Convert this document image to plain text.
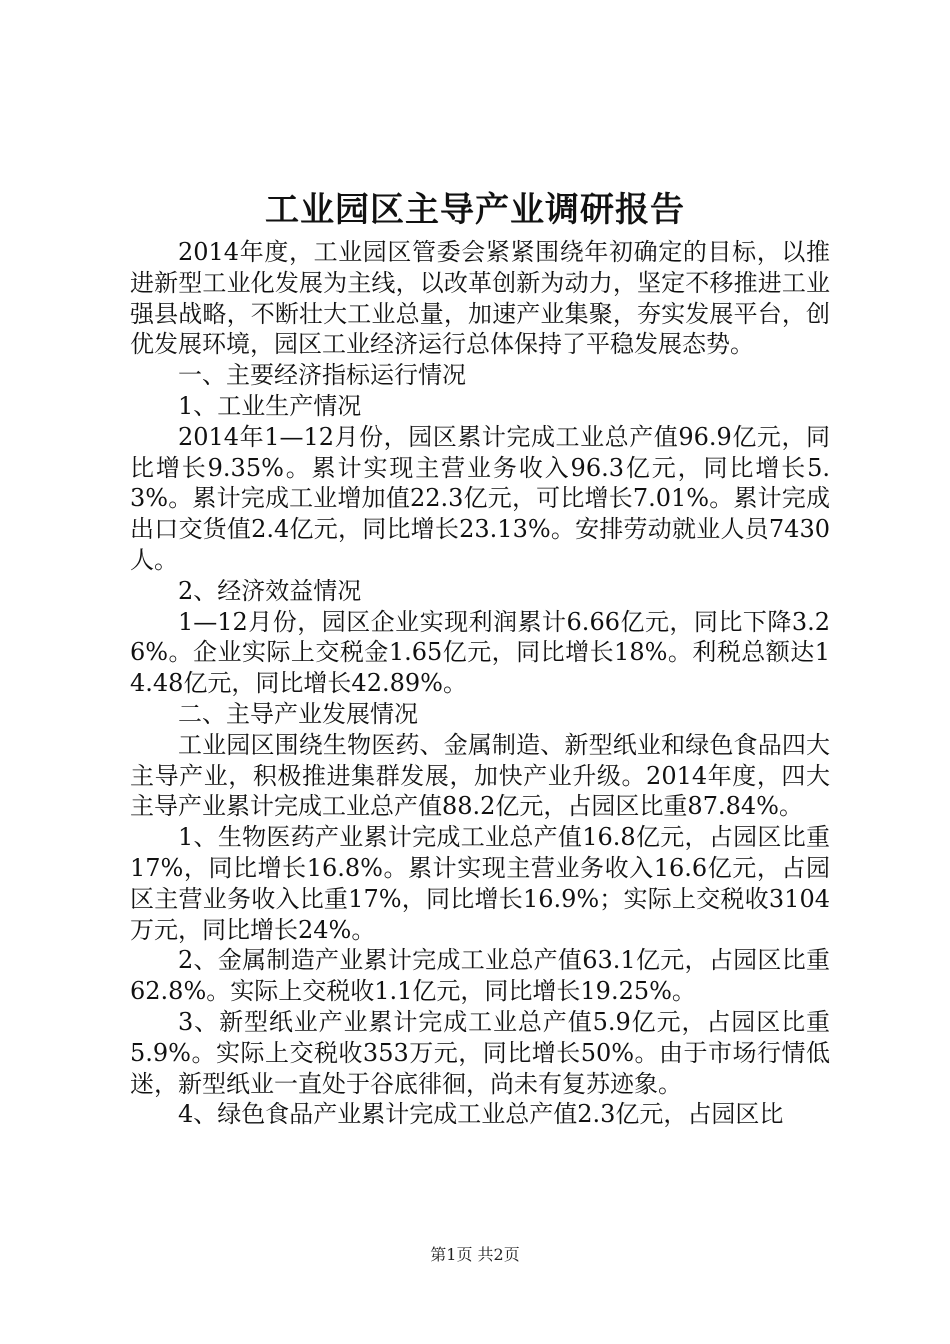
工业园区主导产业调研报告

2014年度，工业园区管委会紧紧围绕年初确定的目标，以推进新型工业化发展为主线，以改革创新为动力，坚定不移推进工业强县战略，不断壮大工业总量，加速产业集聚，夯实发展平台，创优发展环境，园区工业经济运行总体保持了平稳发展态势。

一、主要经济指标运行情况

1、工业生产情况

2014年1—12月份，园区累计完成工业总产值96.9亿元，同比增长9.35%。累计实现主营业务收入96.3亿元，同比增长5.3%。累计完成工业增加值22.3亿元，可比增长7.01%。累计完成出口交货值2.4亿元，同比增长23.13%。安排劳动就业人员7430人。

2、经济效益情况

1—12月份，园区企业实现利润累计6.66亿元，同比下降3.26%。企业实际上交税金1.65亿元，同比增长18%。利税总额达14.48亿元，同比增长42.89%。

二、主导产业发展情况

工业园区围绕生物医药、金属制造、新型纸业和绿色食品四大主导产业，积极推进集群发展，加快产业升级。2014年度，四大主导产业累计完成工业总产值88.2亿元，占园区比重87.84%。

1、生物医药产业累计完成工业总产值16.8亿元，占园区比重17%，同比增长16.8%。累计实现主营业务收入16.6亿元，占园区主营业务收入比重17%，同比增长16.9%；实际上交税收3104万元，同比增长24%。

2、金属制造产业累计完成工业总产值63.1亿元，占园区比重62.8%。实际上交税收1.1亿元，同比增长19.25%。

3、新型纸业产业累计完成工业总产值5.9亿元，占园区比重5.9%。实际上交税收353万元，同比增长50%。由于市场行情低迷，新型纸业一直处于谷底徘徊，尚未有复苏迹象。

4、绿色食品产业累计完成工业总产值2.3亿元，占园区比

第1页 共2页
